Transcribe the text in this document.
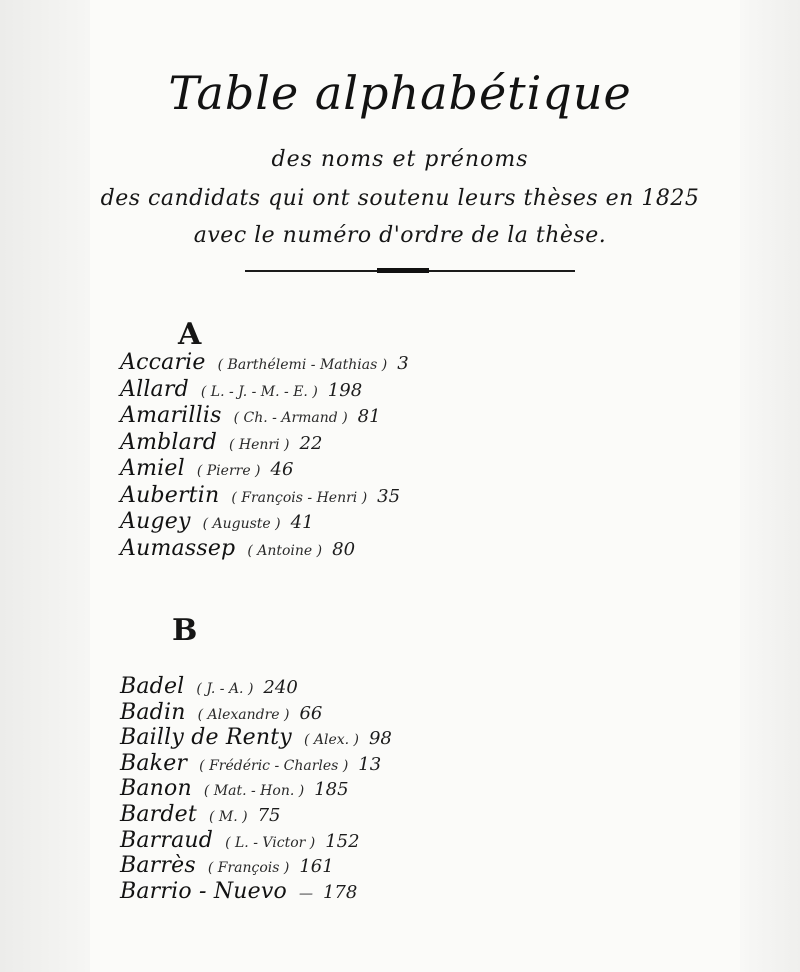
Table alphabétique
des noms et prénoms
des candidats qui ont soutenu leurs thèses en 1825
avec le numéro d'ordre de la thèse.
A
Accarie ( Barthélemi - Mathias ) 3
Allard ( L. - J. - M. - E. ) 198
Amarillis ( Ch. - Armand ) 81
Amblard ( Henri ) 22
Amiel ( Pierre ) 46
Aubertin ( François - Henri ) 35
Augey ( Auguste ) 41
Aumassep ( Antoine ) 80
B
Badel ( J. - A. ) 240
Badin ( Alexandre ) 66
Bailly de Renty ( Alex. ) 98
Baker ( Frédéric - Charles ) 13
Banon ( Mat. - Hon. ) 185
Bardet ( M. ) 75
Barraud ( L. - Victor ) 152
Barrès ( François ) 161
Barrio - Nuevo — 178
